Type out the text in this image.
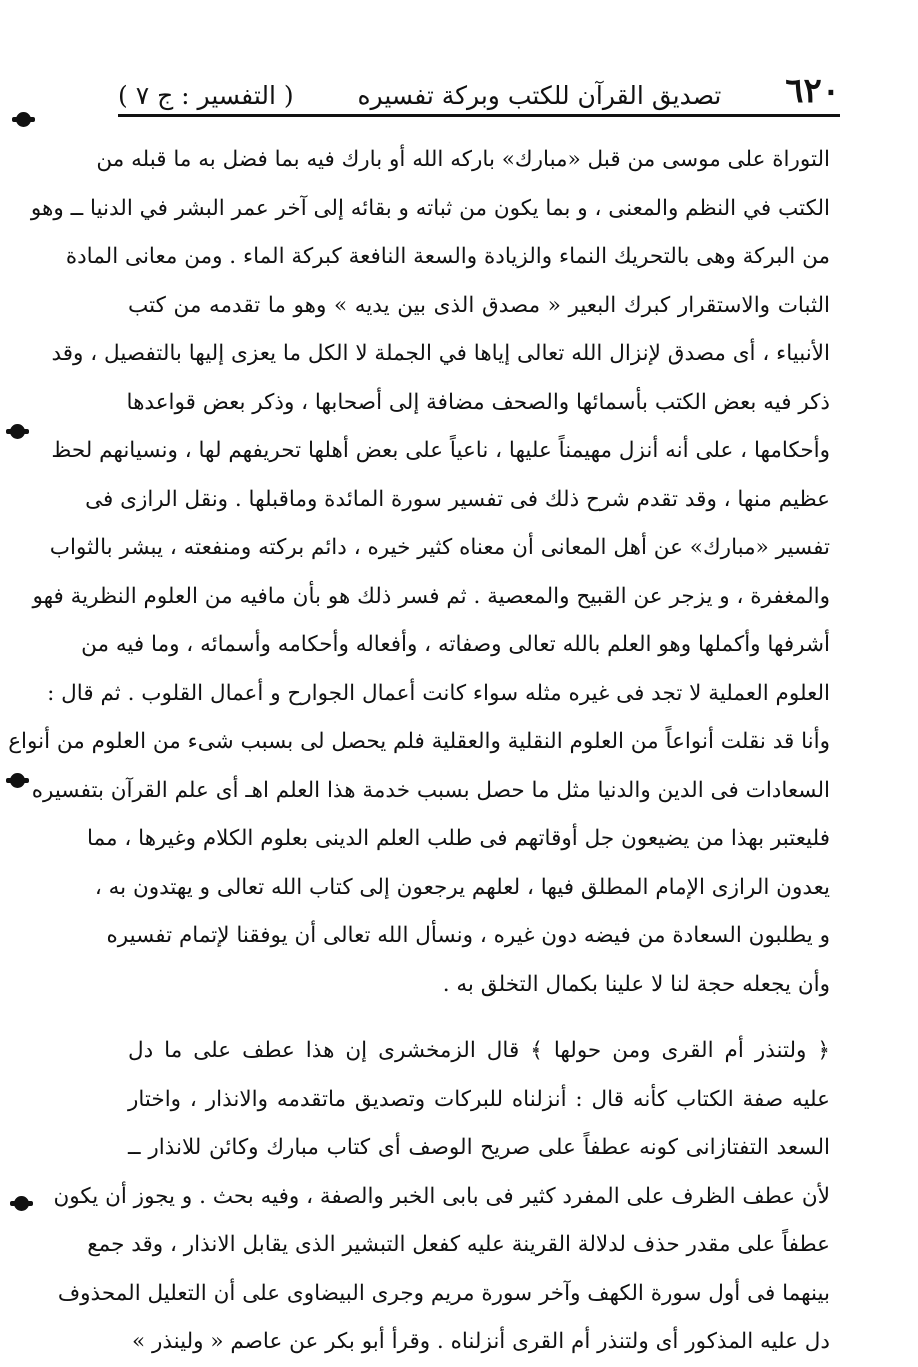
٦٢٠
تصديق القرآن للكتب وبركة تفسيره
( التفسير : ج ٧ )
التوراة على موسى من قبل «مبارك» باركه الله أو بارك فيه بما فضل به ما قبله من
الكتب في النظم والمعنى ، و بما يكون من ثباته و بقائه إلى آخر عمر البشر في الدنيا ــ وهو
من البركة وهى بالتحريك النماء والزيادة والسعة النافعة كبركة الماء . ومن معانى المادة
الثبات والاستقرار كبرك البعير « مصدق الذى بين يديه » وهو ما تقدمه من كتب
الأنبياء ، أى مصدق لإنزال الله تعالى إياها في الجملة لا الكل ما يعزى إليها بالتفصيل ، وقد
ذكر فيه بعض الكتب بأسمائها والصحف مضافة إلى أصحابها ، وذكر بعض قواعدها
وأحكامها ، على أنه أنزل مهيمناً عليها ، ناعياً على بعض أهلها تحريفهم لها ، ونسيانهم لحظ
عظيم منها ، وقد تقدم شرح ذلك فى تفسير سورة المائدة وماقبلها . ونقل الرازى فى
تفسير «مبارك» عن أهل المعانى أن معناه كثير خيره ، دائم بركته ومنفعته ، يبشر بالثواب
والمغفرة ، و يزجر عن القبيح والمعصية . ثم فسر ذلك هو بأن مافيه من العلوم النظرية فهو
أشرفها وأكملها وهو العلم بالله تعالى وصفاته ، وأفعاله وأحكامه وأسمائه ، وما فيه من
العلوم العملية لا تجد فى غيره مثله سواء كانت أعمال الجوارح و أعمال القلوب . ثم قال :
وأنا قد نقلت أنواعاً من العلوم النقلية والعقلية فلم يحصل لى بسبب شىء من العلوم من أنواع
السعادات فى الدين والدنيا مثل ما حصل بسبب خدمة هذا العلم اهـ أى علم القرآن بتفسيره
فليعتبر بهذا من يضيعون جل أوقاتهم فى طلب العلم الدينى بعلوم الكلام وغيرها ، مما
يعدون الرازى الإمام المطلق فيها ، لعلهم يرجعون إلى كتاب الله تعالى و يهتدون به ،
و يطلبون السعادة من فيضه دون غيره ، ونسأل الله تعالى أن يوفقنا لإتمام تفسيره
وأن يجعله حجة لنا لا علينا بكمال التخلق به .
﴿ ولتنذر أم القرى ومن حولها ﴾ قال الزمخشرى إن هذا عطف على ما دل
عليه صفة الكتاب كأنه قال : أنزلناه للبركات وتصديق ماتقدمه والانذار ، واختار
السعد التفتازانى كونه عطفاً على صريح الوصف أى كتاب مبارك وكائن للانذار ــ
لأن عطف الظرف على المفرد كثير فى بابى الخبر والصفة ، وفيه بحث . و يجوز أن يكون
عطفاً على مقدر حذف لدلالة القرينة عليه كفعل التبشير الذى يقابل الانذار ، وقد جمع
بينهما فى أول سورة الكهف وآخر سورة مريم وجرى البيضاوى على أن التعليل المحذوف
دل عليه المذكور أى ولتنذر أم القرى أنزلناه . وقرأ أبو بكر عن عاصم « ولينذر »
